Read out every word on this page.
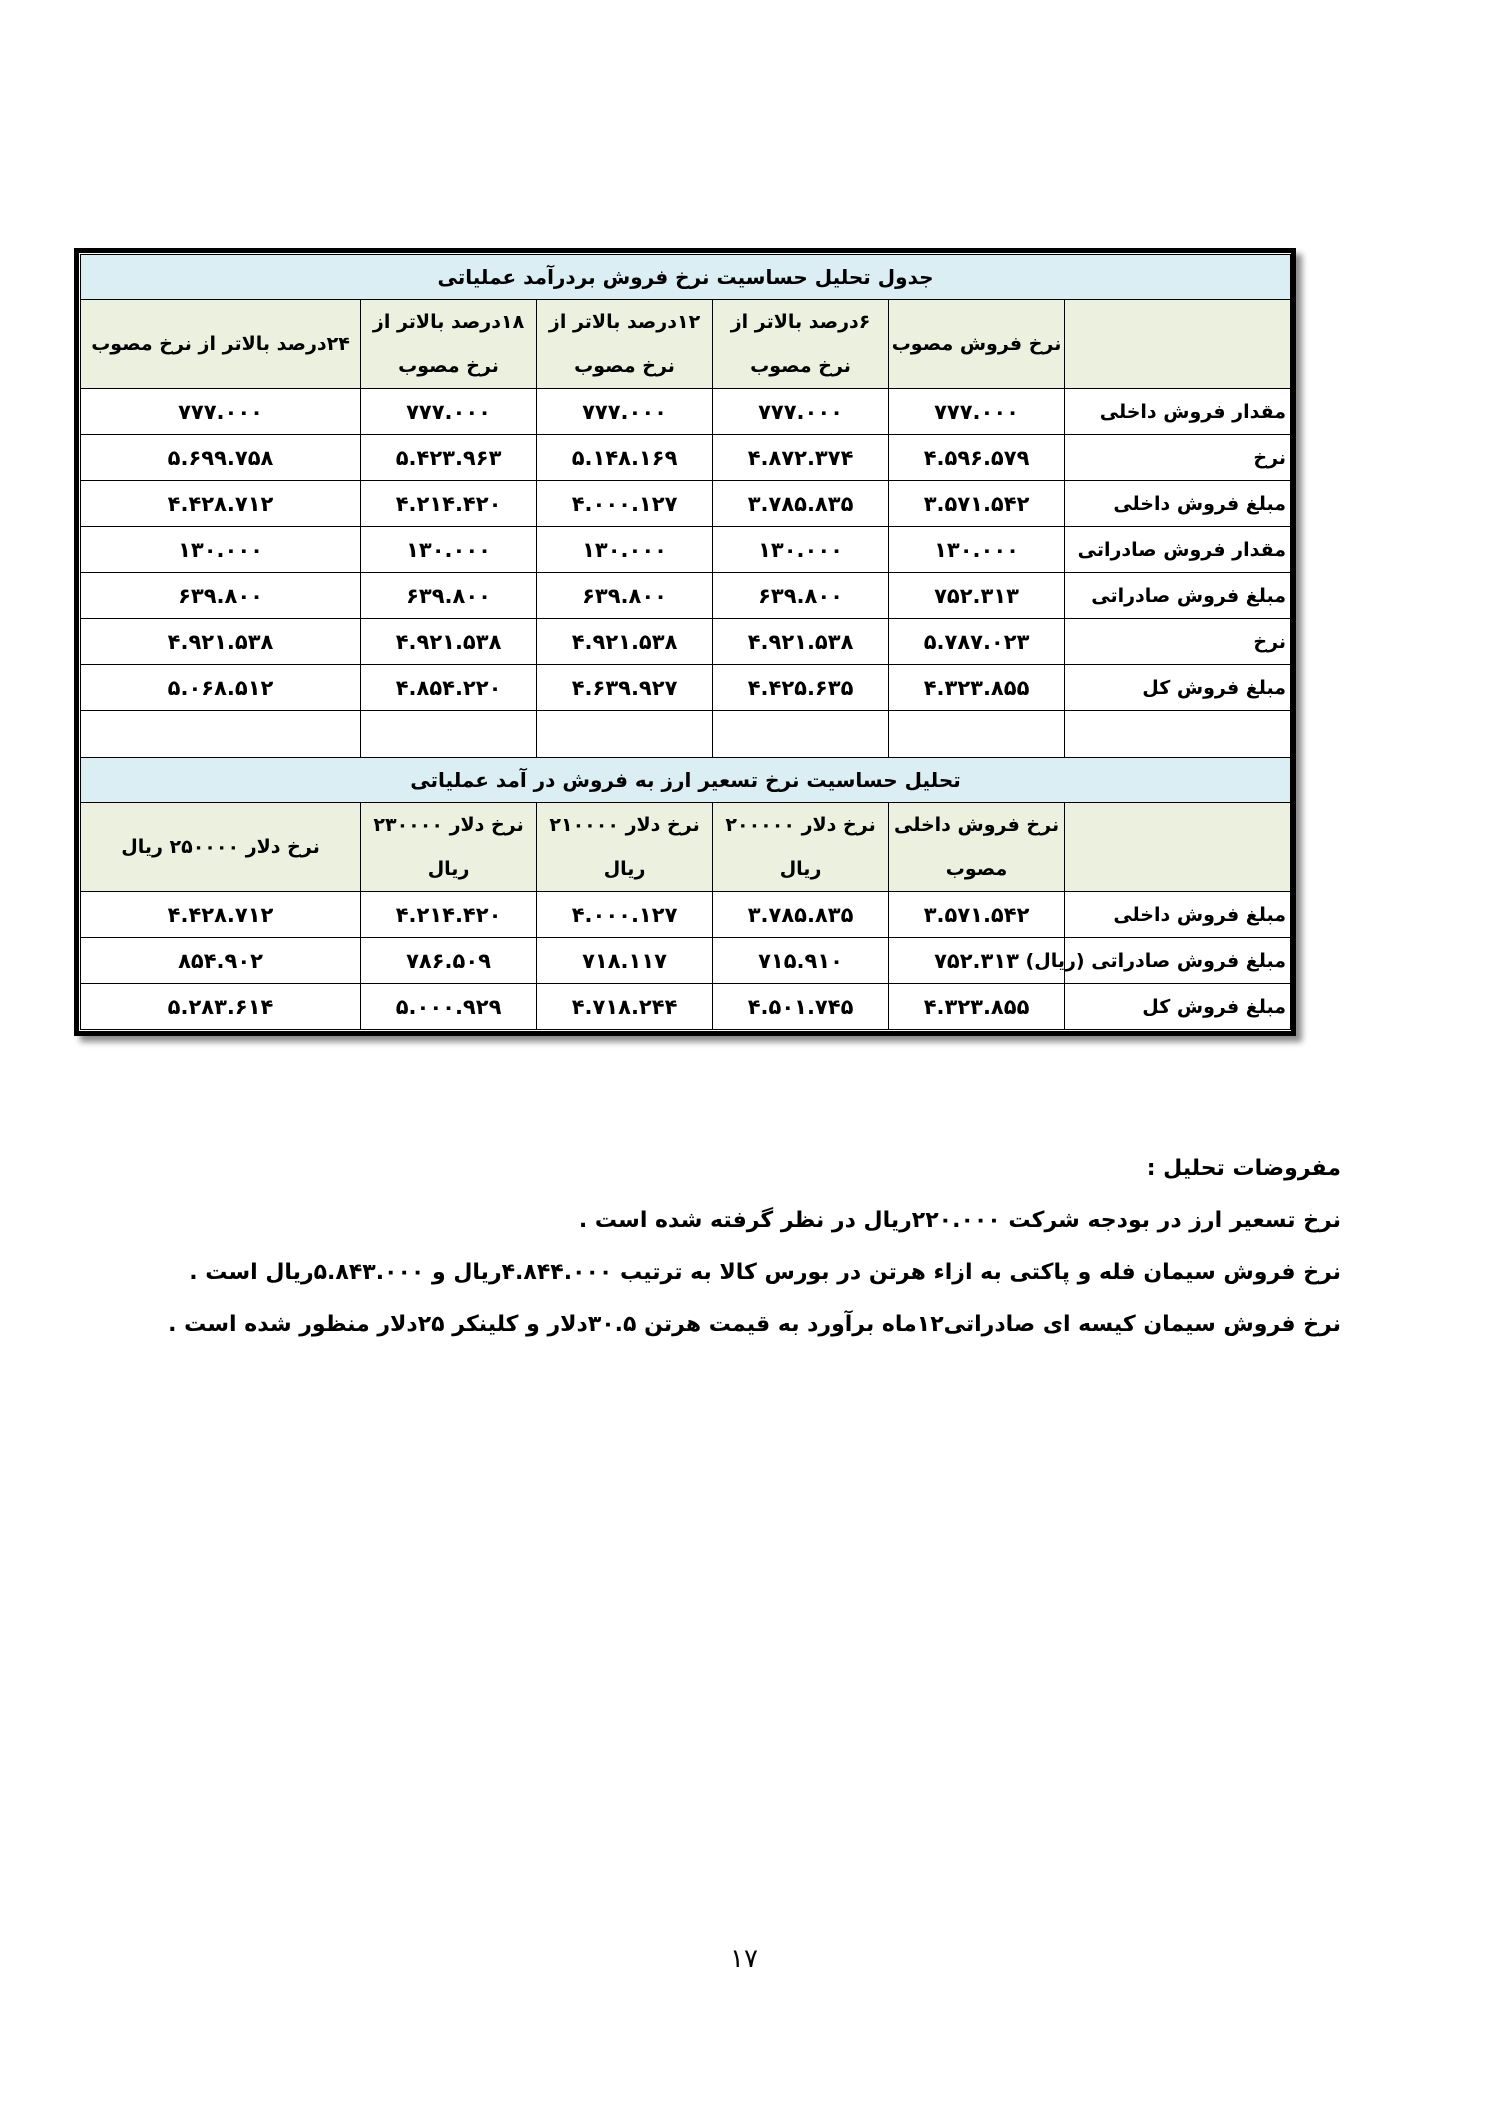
جدول تحلیل حساسیت نرخ فروش بردرآمد عملیاتی					
	نرخ فروش مصوب	۶درصد بالاتر از نرخ مصوب	۱۲درصد بالاتر از نرخ مصوب	۱۸درصد بالاتر از نرخ مصوب	۲۴درصد بالاتر از نرخ مصوب
مقدار فروش داخلی	۷۷۷.۰۰۰	۷۷۷.۰۰۰	۷۷۷.۰۰۰	۷۷۷.۰۰۰	۷۷۷.۰۰۰
نرخ	۴.۵۹۶.۵۷۹	۴.۸۷۲.۳۷۴	۵.۱۴۸.۱۶۹	۵.۴۲۳.۹۶۳	۵.۶۹۹.۷۵۸
مبلغ فروش داخلی	۳.۵۷۱.۵۴۲	۳.۷۸۵.۸۳۵	۴.۰۰۰.۱۲۷	۴.۲۱۴.۴۲۰	۴.۴۲۸.۷۱۲
مقدار فروش صادراتی	۱۳۰.۰۰۰	۱۳۰.۰۰۰	۱۳۰.۰۰۰	۱۳۰.۰۰۰	۱۳۰.۰۰۰
مبلغ فروش صادراتی	۷۵۲.۳۱۳	۶۳۹.۸۰۰	۶۳۹.۸۰۰	۶۳۹.۸۰۰	۶۳۹.۸۰۰
نرخ	۵.۷۸۷.۰۲۳	۴.۹۲۱.۵۳۸	۴.۹۲۱.۵۳۸	۴.۹۲۱.۵۳۸	۴.۹۲۱.۵۳۸
مبلغ فروش کل	۴.۳۲۳.۸۵۵	۴.۴۲۵.۶۳۵	۴.۶۳۹.۹۲۷	۴.۸۵۴.۲۲۰	۵.۰۶۸.۵۱۲

تحلیل حساسیت نرخ تسعیر ارز به فروش در آمد عملیاتی					
	نرخ فروش داخلی مصوب	نرخ دلار ۲۰۰۰۰۰ ریال	نرخ دلار ۲۱۰۰۰۰ ریال	نرخ دلار ۲۳۰۰۰۰ ریال	نرخ دلار ۲۵۰۰۰۰ ریال
مبلغ فروش داخلی	۳.۵۷۱.۵۴۲	۳.۷۸۵.۸۳۵	۴.۰۰۰.۱۲۷	۴.۲۱۴.۴۲۰	۴.۴۲۸.۷۱۲
مبلغ فروش صادراتی (ریال)	۷۵۲.۳۱۳	۷۱۵.۹۱۰	۷۱۸.۱۱۷	۷۸۶.۵۰۹	۸۵۴.۹۰۲
مبلغ فروش کل	۴.۳۲۳.۸۵۵	۴.۵۰۱.۷۴۵	۴.۷۱۸.۲۴۴	۵.۰۰۰.۹۲۹	۵.۲۸۳.۶۱۴

مفروضات تحلیل :

نرخ تسعیر ارز در بودجه شرکت ۲۲۰.۰۰۰ریال در نظر گرفته شده است .

نرخ فروش سیمان فله و پاکتی به ازاء هرتن در بورس کالا به ترتیب ۴.۸۴۴.۰۰۰ریال و ۵.۸۴۳.۰۰۰ریال است .

نرخ فروش سیمان کیسه ای صادراتی۱۲ماه برآورد به قیمت هرتن ۳۰.۵دلار و کلینکر ۲۵دلار منظور شده است .

۱۷
